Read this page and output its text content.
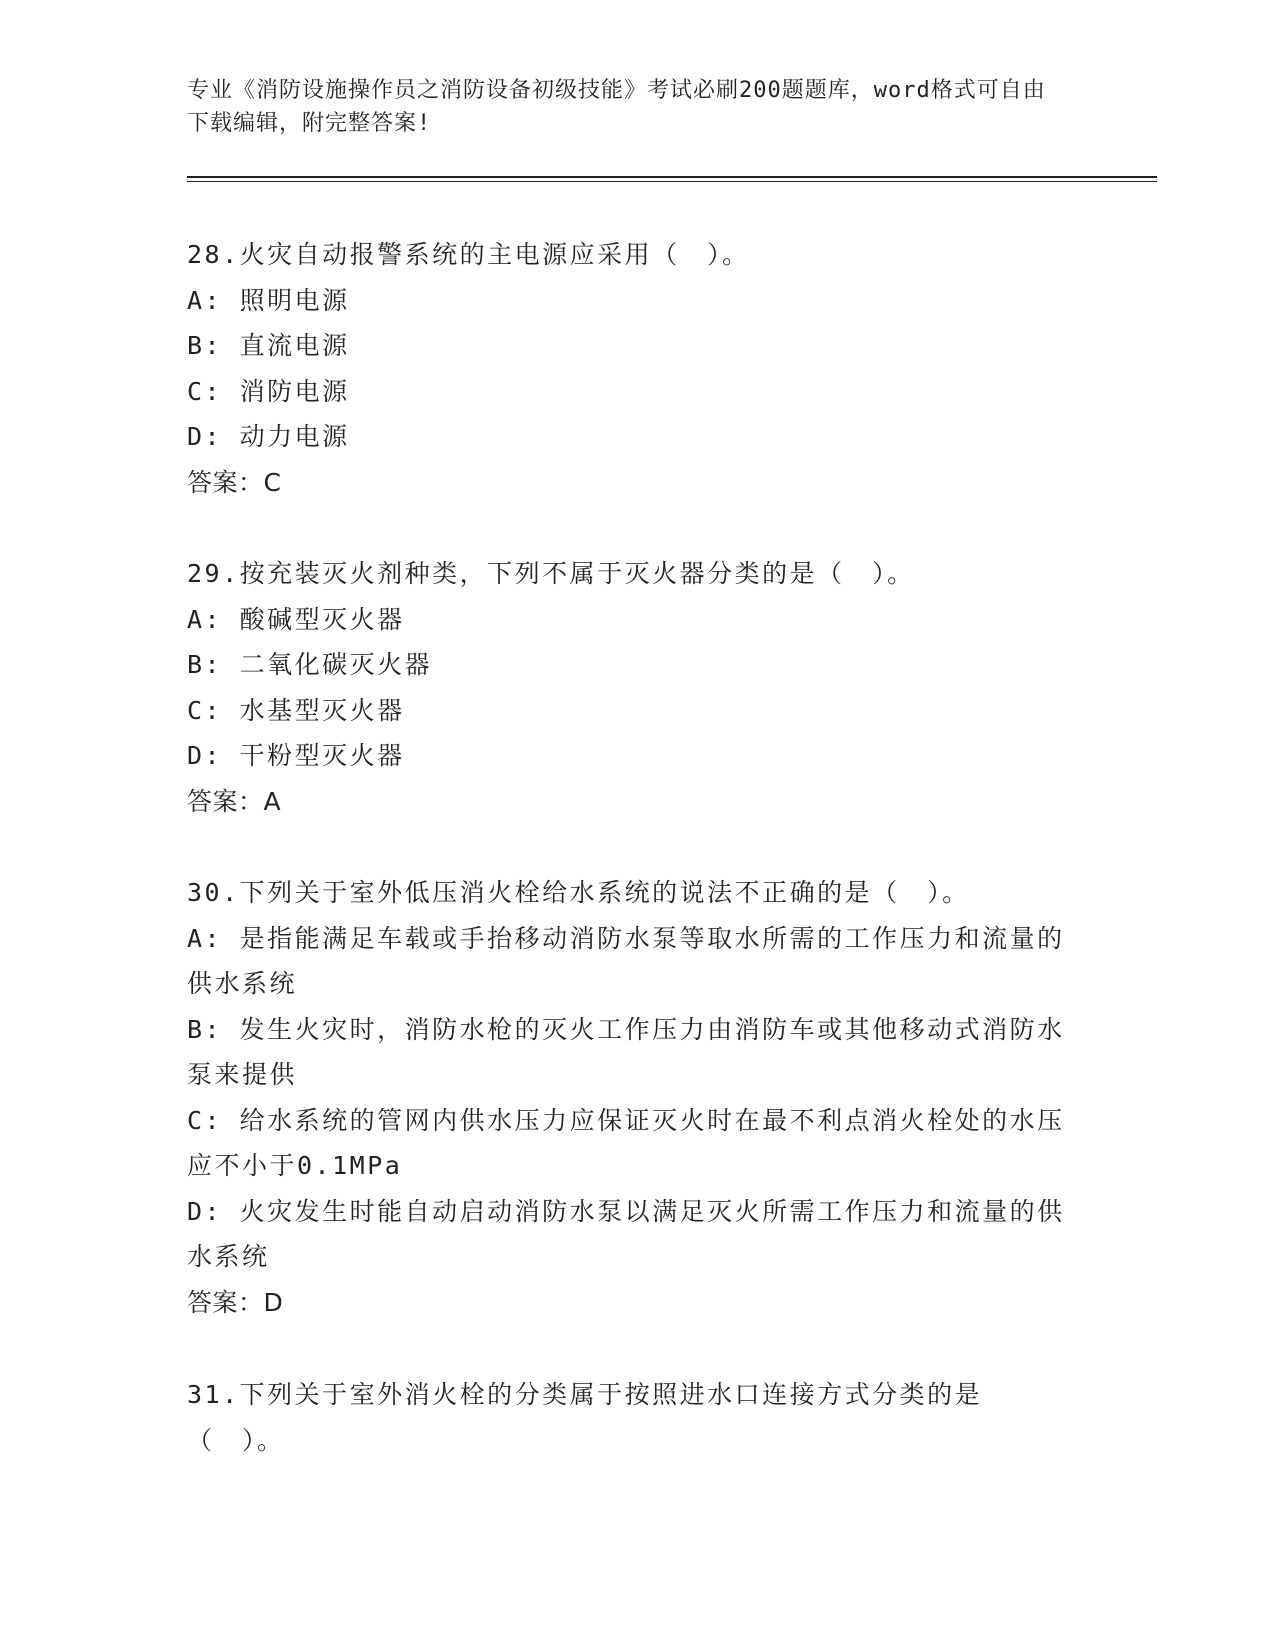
专业《消防设施操作员之消防设备初级技能》考试必刷200题题库，word格式可自由下载编辑，附完整答案!
28.火灾自动报警系统的主电源应采用（　）。
A: 照明电源
B: 直流电源
C: 消防电源
D: 动力电源
答案：C
29.按充装灭火剂种类，下列不属于灭火器分类的是（　）。
A: 酸碱型灭火器
B: 二氧化碳灭火器
C: 水基型灭火器
D: 干粉型灭火器
答案：A
30.下列关于室外低压消火栓给水系统的说法不正确的是（　）。
A: 是指能满足车载或手抬移动消防水泵等取水所需的工作压力和流量的供水系统
B: 发生火灾时，消防水枪的灭火工作压力由消防车或其他移动式消防水泵来提供
C: 给水系统的管网内供水压力应保证灭火时在最不利点消火栓处的水压应不小于0.1MPa
D: 火灾发生时能自动启动消防水泵以满足灭火所需工作压力和流量的供水系统
答案：D
31.下列关于室外消火栓的分类属于按照进水口连接方式分类的是（　）。
